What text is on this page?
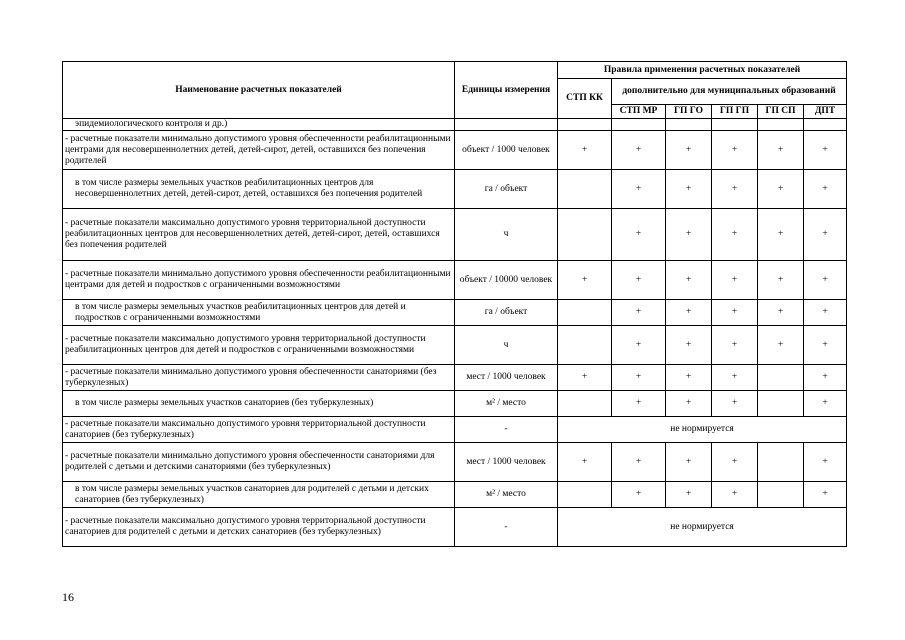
Наименование расчетных показателей	Единицы измерения	Правила применения расчетных показателей					
		СТП КК	дополнительно для муниципальных образований				
			СТП МР	ГП ГО	ГП ГП	ГП СП	ДПТ
эпидемиологического контроля и др.)							
- расчетные показатели минимально допустимого уровня обеспеченности реабилитационными центрами для несовершеннолетних детей, детей-сирот, детей, оставшихся без попечения родителей	объект / 1000 человек	+	+	+	+	+	+
в том числе размеры земельных участков реабилитационных центров для несовершеннолетних детей, детей-сирот, детей, оставшихся без попечения родителей	га / объект		+	+	+	+	+
- расчетные показатели максимально допустимого уровня территориальной доступности реабилитационных центров для несовершеннолетних детей, детей-сирот, детей, оставшихся без попечения родителей	ч		+	+	+	+	+
- расчетные показатели минимально допустимого уровня обеспеченности реабилитационными центрами для детей и подростков с ограниченными возможностями	объект / 10000 человек	+	+	+	+	+	+
в том числе размеры земельных участков реабилитационных центров для детей и подростков с ограниченными возможностями	га / объект		+	+	+	+	+
- расчетные показатели максимально допустимого уровня территориальной доступности реабилитационных центров для детей и подростков с ограниченными возможностями	ч		+	+	+	+	+
- расчетные показатели минимально допустимого уровня обеспеченности санаториями (без туберкулезных)	мест / 1000 человек	+	+	+	+		+
в том числе размеры земельных участков санаториев (без туберкулезных)	м² / место		+	+	+		+
- расчетные показатели максимально допустимого уровня территориальной доступности санаториев (без туберкулезных)	-	не нормируется					
- расчетные показатели минимально допустимого уровня обеспеченности санаториями для родителей с детьми и детскими санаториями (без туберкулезных)	мест / 1000 человек	+	+	+	+		+
в том числе размеры земельных участков санаториев для родителей с детьми и детских санаториев (без туберкулезных)	м² / место		+	+	+		+
- расчетные показатели максимально допустимого уровня территориальной доступности санаториев для родителей с детьми и детских санаториев (без туберкулезных)	-	не нормируется					
16
